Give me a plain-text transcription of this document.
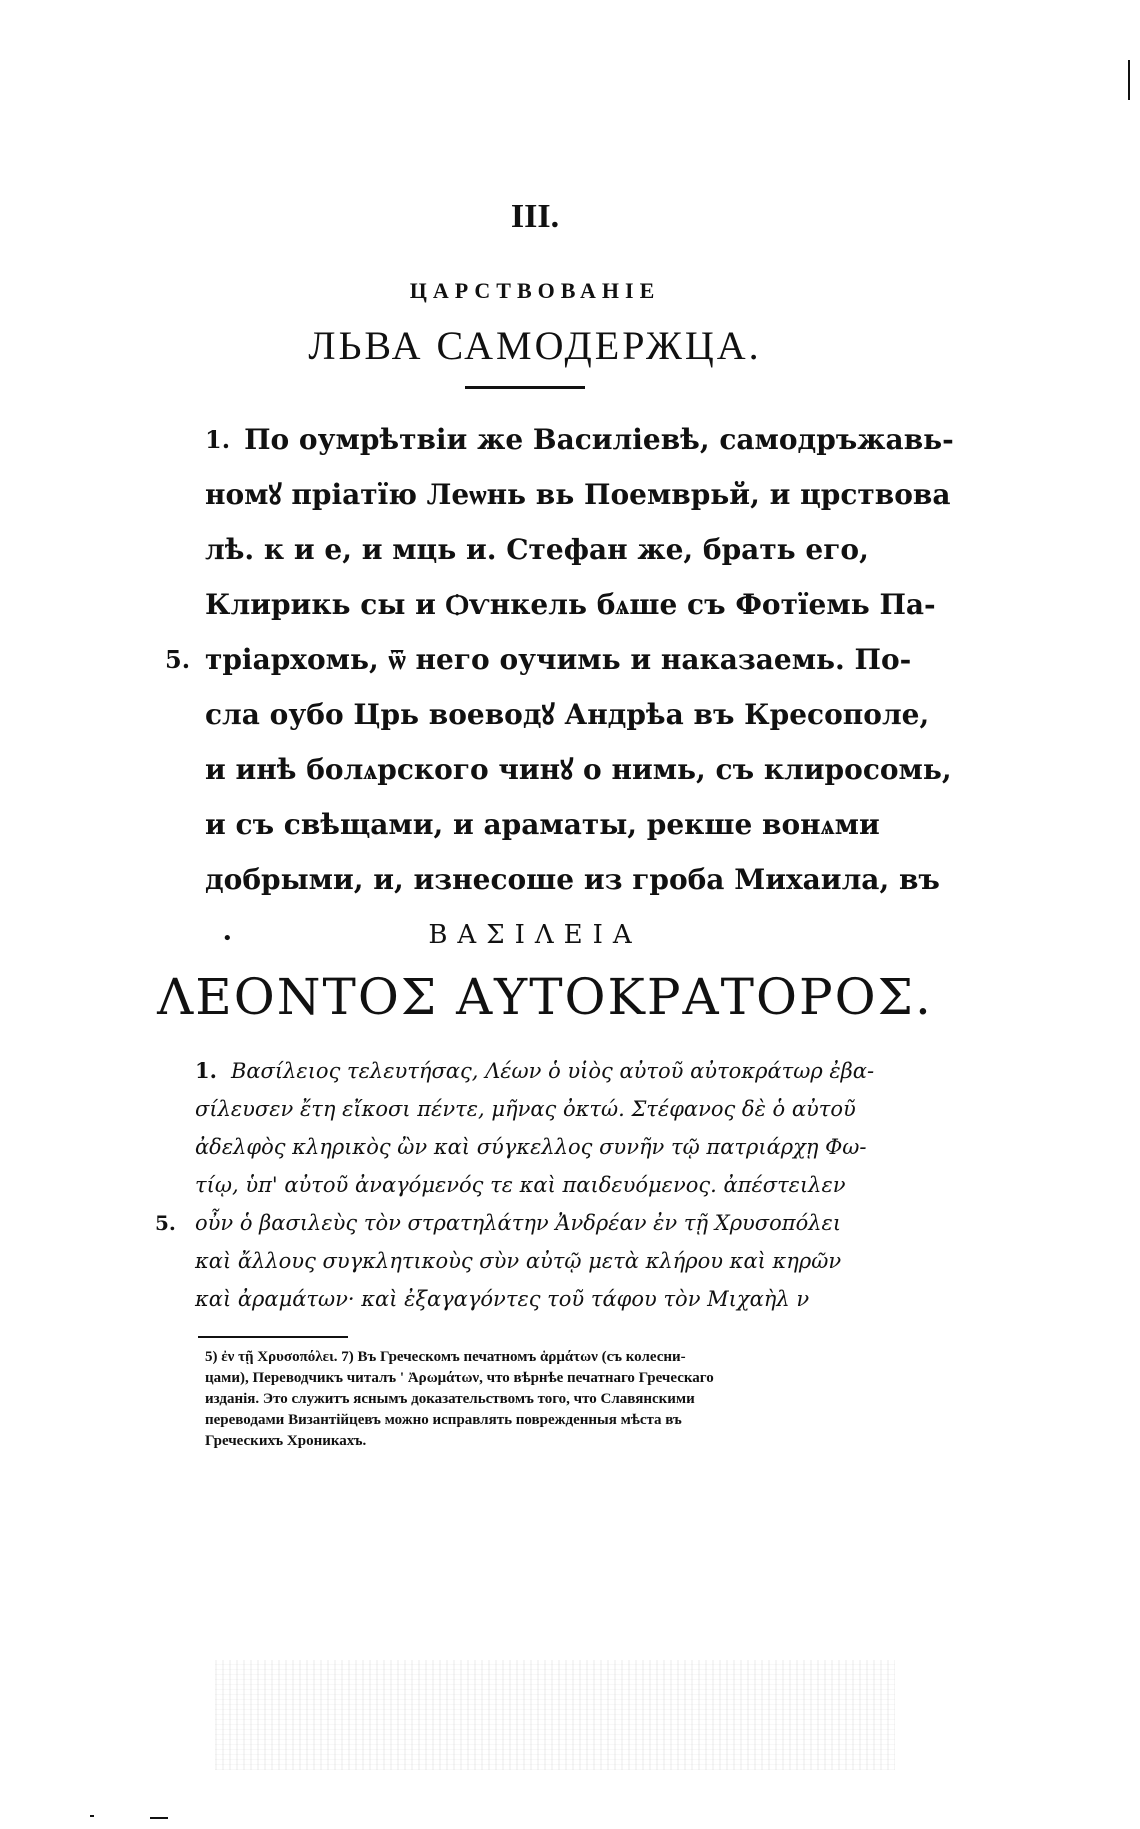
III.
ЦАРСТВОВАНІЕ
ЛЬВА САМОДЕРЖЦА.
1. По оумрѣтвіи же Василіевѣ, самодръжавь-
номꙋ пріатїю Леѡнь вь Поемврьй, и црствова
лѣ. к и е, и мць и. Стефан же, брать его,
Клирикь сы и Ѻѵнкель бѧше съ Фотїемь Па-
5. тріархомь, ѿ него оучимь и наказаемь. По-
сла оубо Црь воеводꙋ Андрѣа въ Кресополе,
и инѣ болѧрского чинꙋ о нимь, съ клиросомь,
и съ свѣщами, и араматы, рекше вонѧми
добрыми, и, изнесоше из гроба Михаила, въ
•	ΒΑΣΙΛΕΙΑ
ΛΕΟΝΤΟΣ ΑΥΤΟΚΡΑΤΟΡΟΣ.
1. Βασίλειος τελευτήσας, Λέων ὁ υἱὸς αὐτοῦ αὐτοκράτωρ ἐβα-
σίλευσεν ἔτη εἴκοσι πέντε, μῆνας ὀκτώ. Στέφανος δὲ ὁ αὐτοῦ
ἀδελφὸς κληρικὸς ὢν καὶ σύγκελλος συνῆν τῷ πατριάρχῃ Φω-
τίῳ, ὑπ' αὐτοῦ ἀναγόμενός τε καὶ παιδευόμενος. ἀπέστειλεν
5. οὖν ὁ βασιλεὺς τὸν στρατηλάτην Ἀνδρέαν ἐν τῇ Χρυσοπόλει
καὶ ἄλλους συγκλητικοὺς σὺν αὐτῷ μετὰ κλήρου καὶ κηρῶν
καὶ ἀραμάτων· καὶ ἐξαγαγόντες τοῦ τάφου τὸν Μιχαὴλ ν
5) ἐν τῇ Χρυσοπόλει. 7) Въ Греческомъ печатномъ ἁρμάτων (съ колесни-
цами), Переводчикъ читалъ ' Ἀρωμάτων, что вѣрнѣе печатнаго Греческаго
изданія. Это служитъ яснымъ доказательствомъ того, что Славянскими
переводами Византійцевъ можно исправлять поврежденныя мѣста въ
Греческихъ Хроникахъ.
